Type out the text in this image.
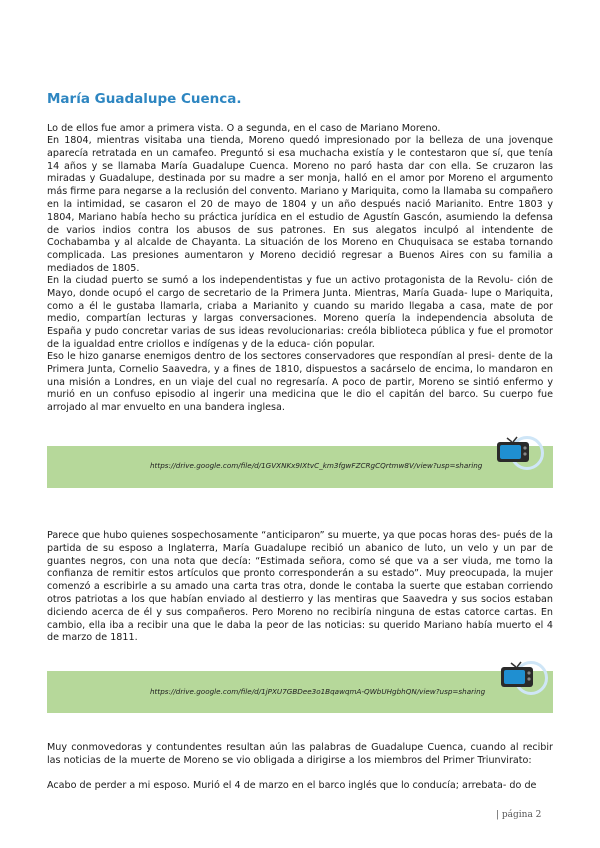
María Guadalupe Cuenca.

Lo de ellos fue amor a primera vista. O a segunda, en el caso de Mariano Moreno.

En 1804, mientras visitaba una tienda, Moreno quedó impresionado por la belleza de una jovenque aparecía retratada en un camafeo. Preguntó si esa muchacha existía y le contestaron que sí, que tenía 14 años y se llamaba María Guadalupe Cuenca. Moreno no paró hasta dar con ella. Se cruzaron las miradas y Guadalupe, destinada por su madre a ser monja, halló en el amor por Moreno el argumento más firme para negarse a la reclusión del convento. Mariano y Mariquita, como la llamaba su compañero en la intimidad, se casaron el 20 de mayo de 1804 y un año después nació Marianito. Entre 1803 y 1804, Mariano había hecho su práctica jurídica en el estudio de Agustín Gascón, asumiendo la defensa de varios indios contra los abusos de sus patrones. En sus alegatos inculpó al intendente de Cochabamba y al alcalde de Chayanta. La situación de los Moreno en Chuquisaca se estaba tornando complicada. Las presiones aumentaron y Moreno decidió regresar a Buenos Aires con su familia a mediados de 1805.

En la ciudad puerto se sumó a los independentistas y fue un activo protagonista de la Revolu- ción de Mayo, donde ocupó el cargo de secretario de la Primera Junta. Mientras, María Guada- lupe o Mariquita, como a él le gustaba llamarla, criaba a Marianito y cuando su marido llegaba a casa, mate de por medio, compartían lecturas y largas conversaciones. Moreno quería la independencia absoluta de España y pudo concretar varias de sus ideas revolucionarias: creóla biblioteca pública y fue el promotor de la igualdad entre criollos e indígenas y de la educa- ción popular.

Eso le hizo ganarse enemigos dentro de los sectores conservadores que respondían al presi- dente de la Primera Junta, Cornelio Saavedra, y a fines de 1810, dispuestos a sacárselo de encima, lo mandaron en una misión a Londres, en un viaje del cual no regresaría. A poco de partir, Moreno se sintió enfermo y murió en un confuso episodio al ingerir una medicina que le dio el capitán del barco. Su cuerpo fue arrojado al mar envuelto en una bandera inglesa.

https://drive.google.com/file/d/1GVXNKx9IXtvC_km3fgwFZCRgCQrtmw8V/view?usp=sharing

Parece que hubo quienes sospechosamente “anticiparon” su muerte, ya que pocas horas des- pués de la partida de su esposo a Inglaterra, María Guadalupe recibió un abanico de luto, un velo y un par de guantes negros, con una nota que decía: “Estimada señora, como sé que va a ser viuda, me tomo la confianza de remitir estos artículos que pronto corresponderán a su estado”. Muy preocupada, la mujer comenzó a escribirle a su amado una carta tras otra, donde le contaba la suerte que estaban corriendo otros patriotas a los que habían enviado al destierro y las mentiras que Saavedra y sus socios estaban diciendo acerca de él y sus compañeros. Pero Moreno no recibiría ninguna de estas catorce cartas. En cambio, ella iba a recibir una que le daba la peor de las noticias: su querido Mariano había muerto el 4 de marzo de 1811.

https://drive.google.com/file/d/1jPXU7GBDee3o1BqawqmA-QWbUHgbhQN/view?usp=sharing

Muy conmovedoras y contundentes resultan aún las palabras de Guadalupe Cuenca, cuando al recibir las noticias de la muerte de Moreno se vio obligada a dirigirse a los miembros del Primer Triunvirato:

Acabo de perder a mi esposo. Murió el 4 de marzo en el barco inglés que lo conducía; arrebata- do de

| página 2
